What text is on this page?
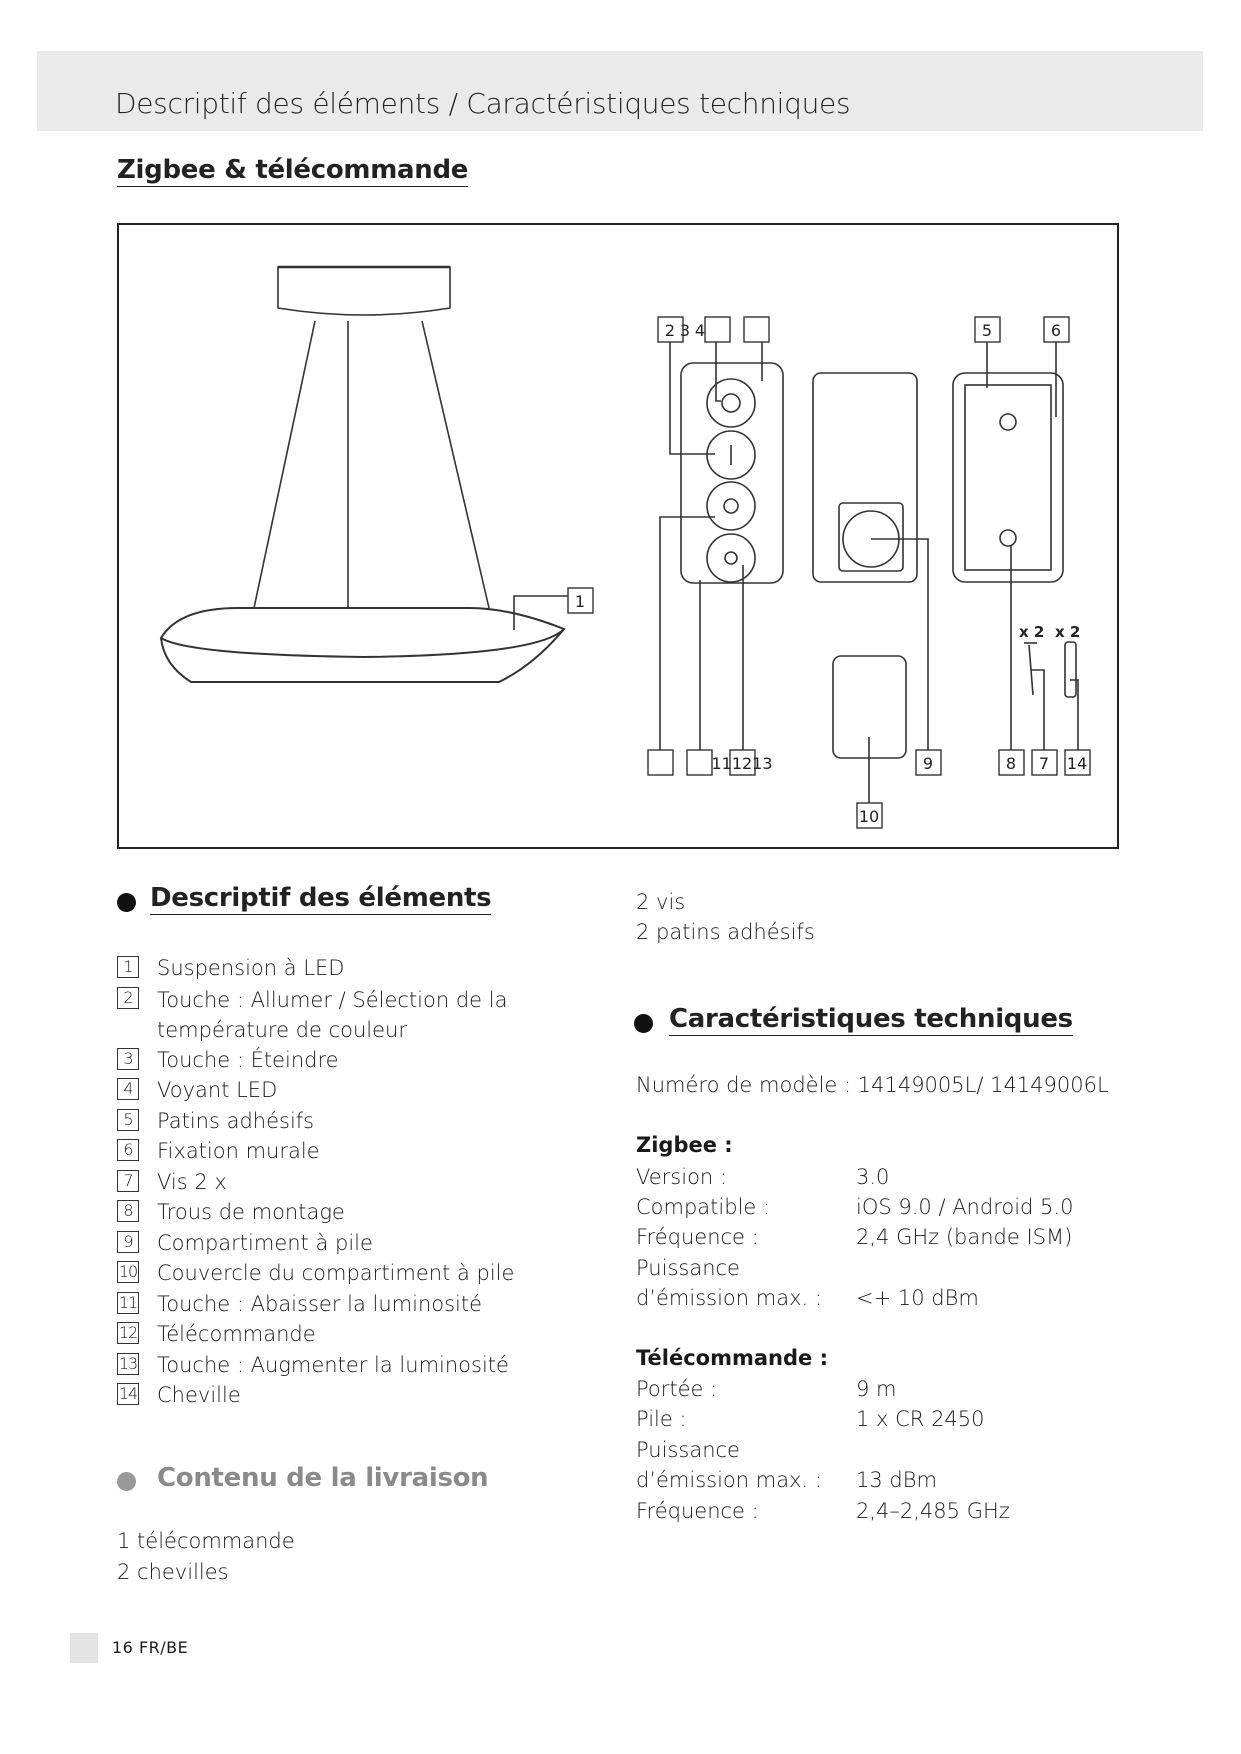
Descriptif des éléments / Caractéristiques techniques
Zigbee & télécommande
1
2 3 4	5	6
111213	9	8 7 14
10
x 2 x 2
Descriptif des éléments
1	Suspension à LED
2	Touche : Allumer / Sélection de la température de couleur
3	Touche : Éteindre
4	Voyant LED
5	Patins adhésifs
6	Fixation murale
7	Vis 2 x
8	Trous de montage
9	Compartiment à pile
10 Couvercle du compartiment à pile
11 Touche : Abaisser la luminosité
12 Télécommande
13 Touche : Augmenter la luminosité
14 Cheville
Contenu de la livraison
1 télécommande
2 chevilles
2 vis
2 patins adhésifs
Caractéristiques techniques
Numéro de modèle : 14149005L/ 14149006L
Zigbee :
Version :	3.0
Compatible :	iOS 9.0 / Android 5.0
Fréquence :	2,4 GHz (bande ISM)
Puissance
d’émission max. : <+ 10 dBm
Télécommande :
Portée :	9 m
Pile :	1 x CR 2450
Puissance
d’émission max. : 13 dBm
Fréquence :	2,4–2,485 GHz
16 FR/BE
